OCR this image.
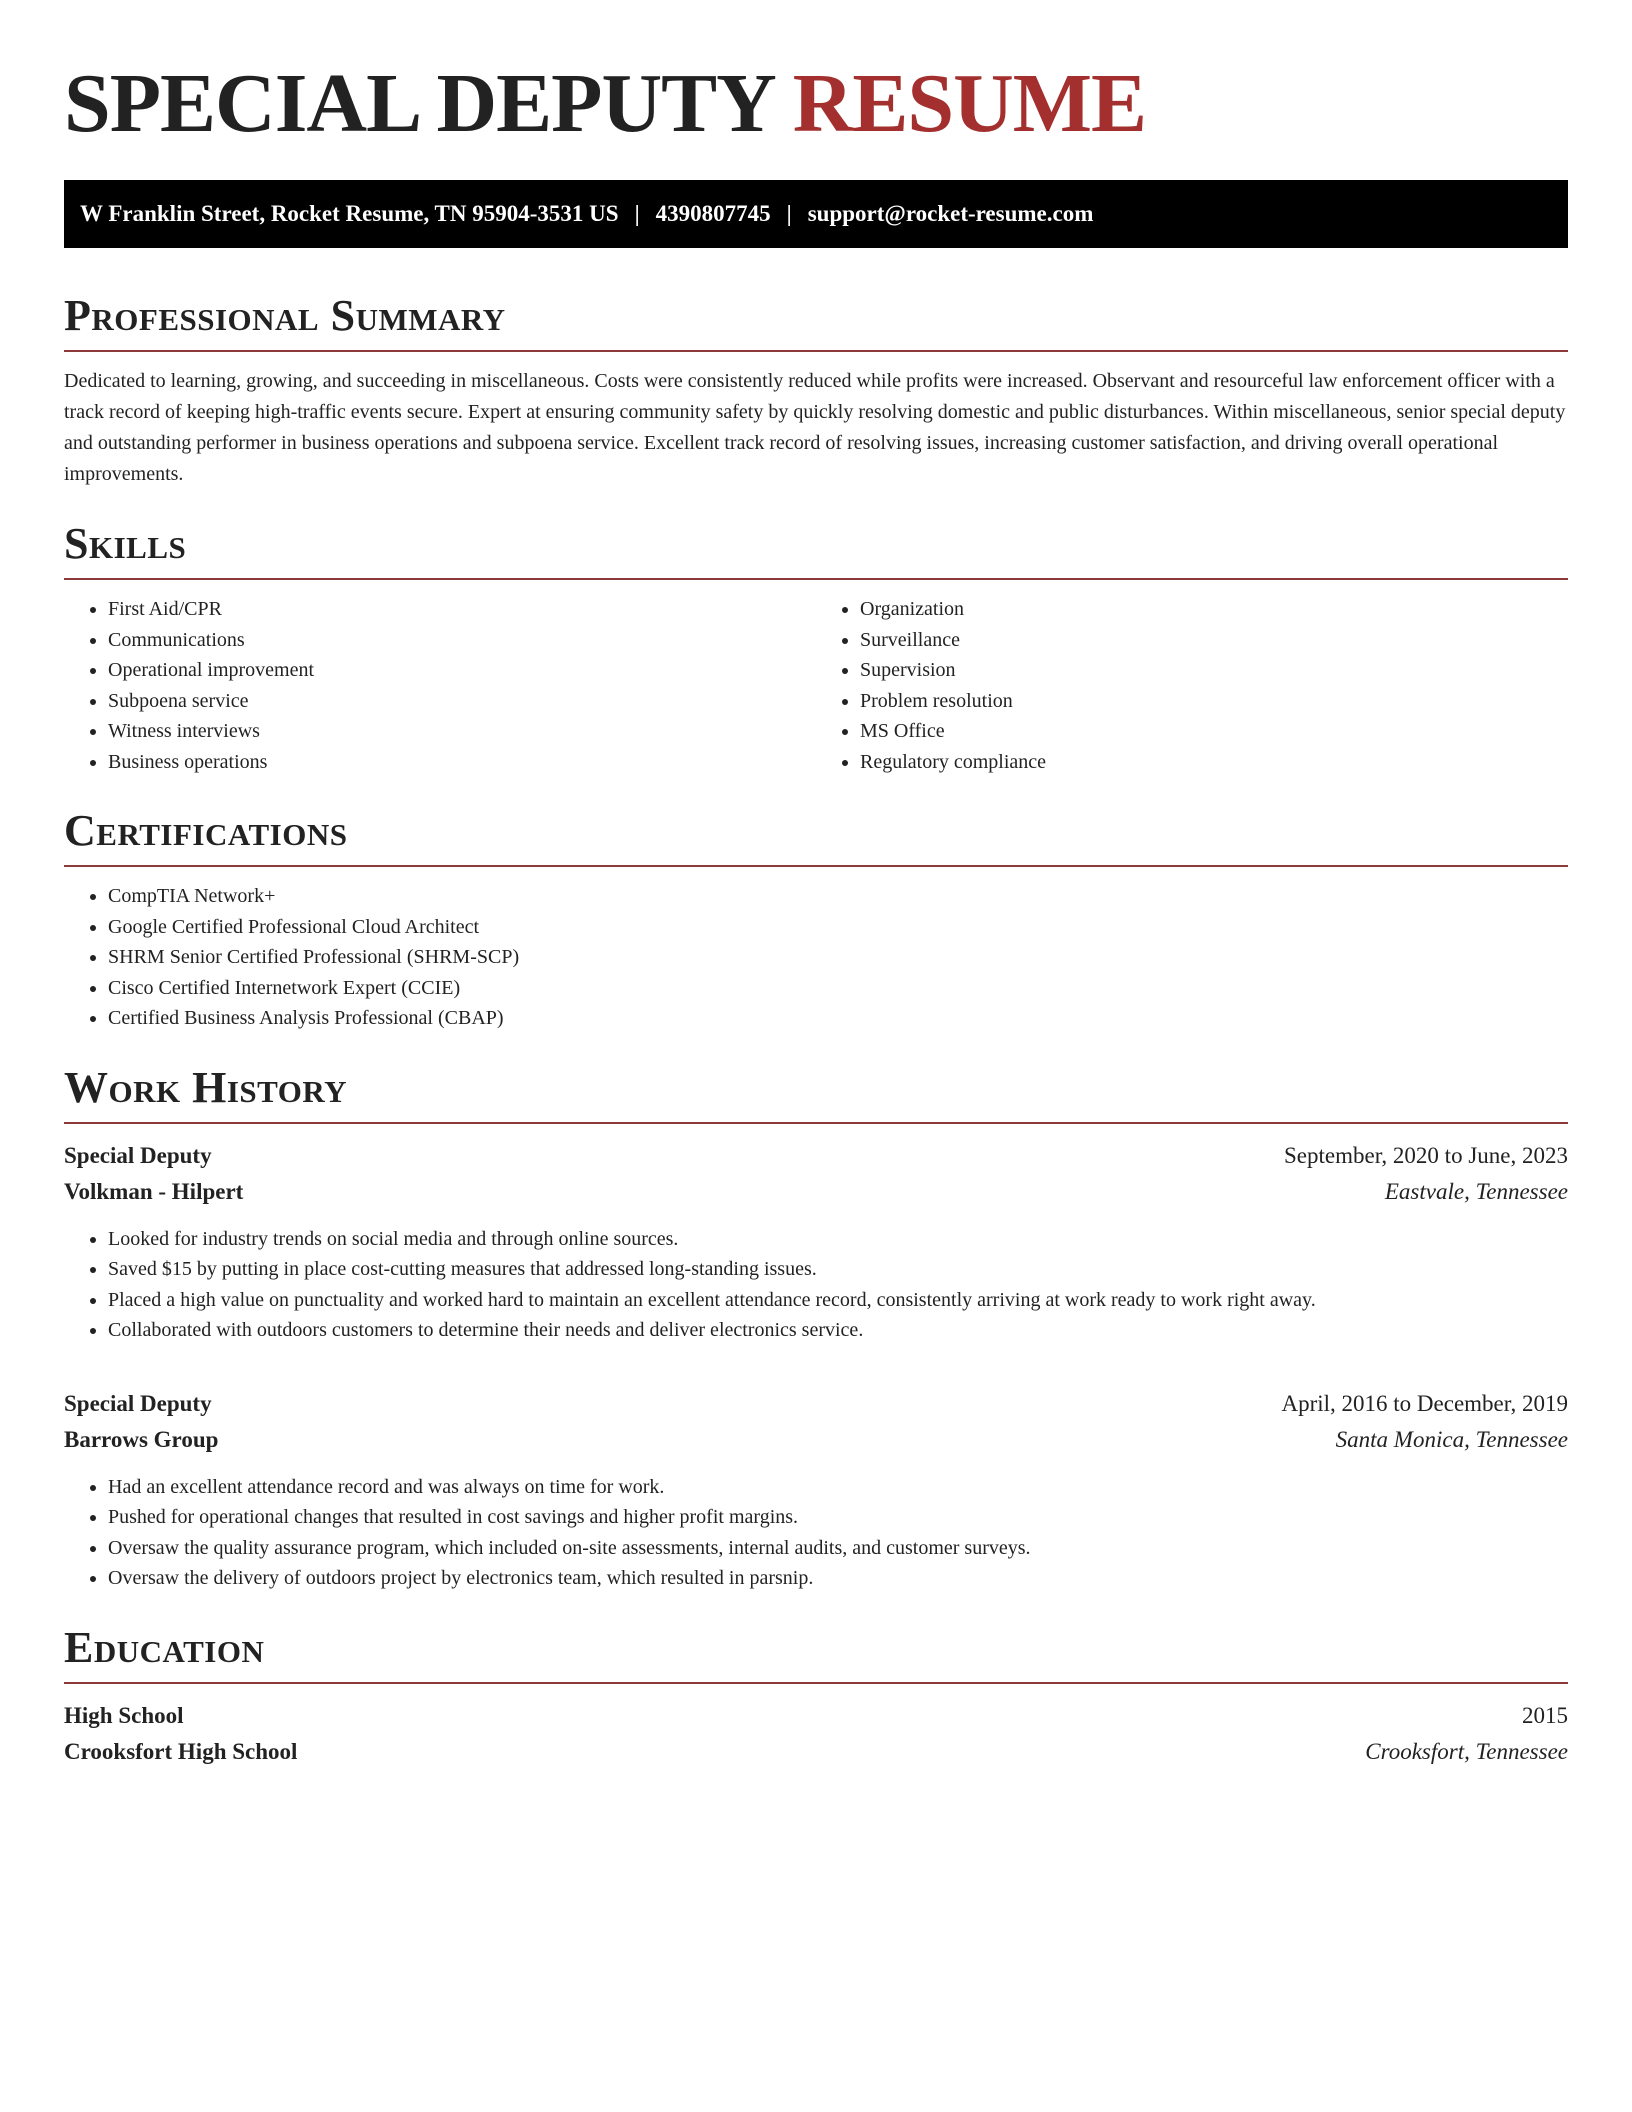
SPECIAL DEPUTY RESUME
W Franklin Street, Rocket Resume, TN 95904-3531 US | 4390807745 | support@rocket-resume.com
Professional Summary

Dedicated to learning, growing, and succeeding in miscellaneous. Costs were consistently reduced while profits were increased. Observant and resourceful law enforcement officer with a track record of keeping high-traffic events secure. Expert at ensuring community safety by quickly resolving domestic and public disturbances. Within miscellaneous, senior special deputy and outstanding performer in business operations and subpoena service. Excellent track record of resolving issues, increasing customer satisfaction, and driving overall operational improvements.

Skills
• First Aid/CPR
• Communications
• Operational improvement
• Subpoena service
• Witness interviews
• Business operations
• Organization
• Surveillance
• Supervision
• Problem resolution
• MS Office
• Regulatory compliance
Certifications
• CompTIA Network+
• Google Certified Professional Cloud Architect
• SHRM Senior Certified Professional (SHRM-SCP)
• Cisco Certified Internetwork Expert (CCIE)
• Certified Business Analysis Professional (CBAP)
Work History
Special Deputy	September, 2020 to June, 2023
Volkman - Hilpert	Eastvale, Tennessee
• Looked for industry trends on social media and through online sources.
• Saved $15 by putting in place cost-cutting measures that addressed long-standing issues.
• Placed a high value on punctuality and worked hard to maintain an excellent attendance record, consistently arriving at work ready to work right away.
• Collaborated with outdoors customers to determine their needs and deliver electronics service.
Special Deputy	April, 2016 to December, 2019
Barrows Group	Santa Monica, Tennessee
• Had an excellent attendance record and was always on time for work.
• Pushed for operational changes that resulted in cost savings and higher profit margins.
• Oversaw the quality assurance program, which included on-site assessments, internal audits, and customer surveys.
• Oversaw the delivery of outdoors project by electronics team, which resulted in parsnip.
Education
High School	2015
Crooksfort High School	Crooksfort, Tennessee
